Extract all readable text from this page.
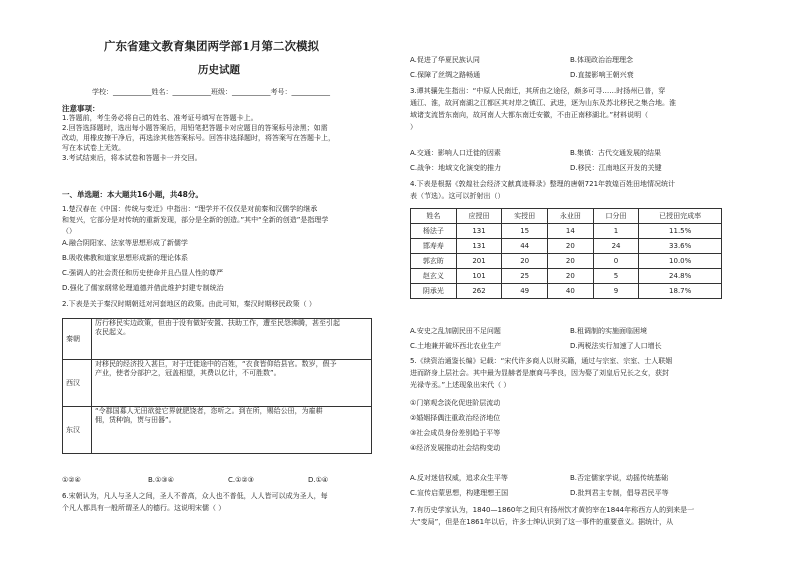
广东省建文教育集团两学部1月第二次模拟
历史试题
学校：___________姓名：___________班级：___________考号：___________
注意事项：
1.答题前，考生务必将自己的姓名、准考证号填写在答题卡上。
2.回答选择题时，选出每小题答案后，用铅笔把答题卡对应题目的答案标号涂黑；如需
改动，用橡皮擦干净后，再选涂其他答案标号。回答非选择题时，将答案写在答题卡上，
写在本试卷上无效。
3.考试结束后，将本试卷和答题卡一并交回。
一、单选题：本大题共16小题，共48分。
1.楚汉春在《中国：传统与变迁》中指出：“理学并不仅仅是对前秦和汉儒学的继承
和复兴，它部分是对传统的重新发现，部分是全新的创造。”其中“全新的创造”是指理学
（）
A.融合阴阳家、法家等思想形成了新儒学
B.吸收佛教和道家思想形成新的理论体系
C.强调人的社会责任和历史使命并且凸显人性的尊严
D.强化了儒家纲常伦理道德并借此维护封建专制统治
2.下表是关于秦汉时期朝廷对河套地区的政策。由此可知，秦汉时期移民政策（ ）
秦朝	厉行移民实边政策，但由于没有做好安置、扶助工作，遭至民怨沸腾，甚至引起
农民起义。

西汉	对移民的经济投入甚巨，对于迁徙途中的百姓，“衣食皆仰给县官。数岁，假予
产业，使者分部护之，冠盖相望，其费以亿计，不可胜数”。

东汉	“令郡国募人无田欲徙它界就肥饶者，恣听之。到在所，赐给公田，为雇耕
佣，赁种饷，贳与田器”。
①②④	B.①③④	C.①②③	D.①④
6.宋朝认为，凡人与圣人之间，圣人不普高，众人也不普低，人人皆可以成为圣人，每
个凡人都具有一般所谓圣人的德行。这说明宋儒（ ）
A.促进了华夏民族认同	B.体现政治治理理念
C.保障了丝绸之路畅通	D.直接影响王朝兴衰
3.谭其骧先生指出：“中原人民南迁，其所由之途径，颇多可寻……时扬州已普，穿
通江、淮，故河南湖之江都区其对岸之镇江、武进，逐为山东及苏北移民之集合地。淮
域诸支流皆东南向，故河南人大都东南迁安徽，不由正南移湖北。”材料说明（
）
A.交通：影响人口迁徙的因素	B.集镇：古代交通发展的结果
C.战争：地域文化演变的推力	D.移民：江南地区开发的关键
4.下表是根据《敦煌社会经济文献真迹释录》整理的唐朝721年敦煌百姓田地情况统计
表（节选）。这可以折射出（）
姓名	应授田	实授田	永业田	口分田	已授田完成率
杨法子	131	15	14	1	11.5%
邯寿寿	131	44	20	24	33.6%
郭玄昉	201	20	20	0	10.0%
赵玄义	101	25	20	5	24.8%
阴承光	262	49	40	9	18.7%
A.安史之乱加剧民田不足问题	B.租调制的实施面临困境
C.土地兼并破坏西北农业生产	D.两税法实行加速了人口增长
5.《续资治通鉴长编》记载：“宋代许多商人以财买籍，通过与宗室、宗室、士人联姻
进而跻身上层社会。其中最为显赫者是康商马季良，因为娶了刘皇后兄长之女，获封
光禄寺丞。”上述现象出宋代（ ）
①门第观念淡化促进阶层流动
②婚姻择偶注重政治经济地位
③社会成员身份差别趋于平等
④经济发展推动社会结构变动
A.反对迷信权威，追求众生平等	B.否定儒家学说，动摇传统基础
C.宣传启蒙思想，构建理想王国	D.批判君主专制，倡导君民平等
7.有历史学家认为，1840—1860年之间只有扬州饮才黄钧宰在1844年称西方人的到来是一
大“变局”，但是在1861年以后，许多士绅认识到了这一事件的重要意义。据统计，从
